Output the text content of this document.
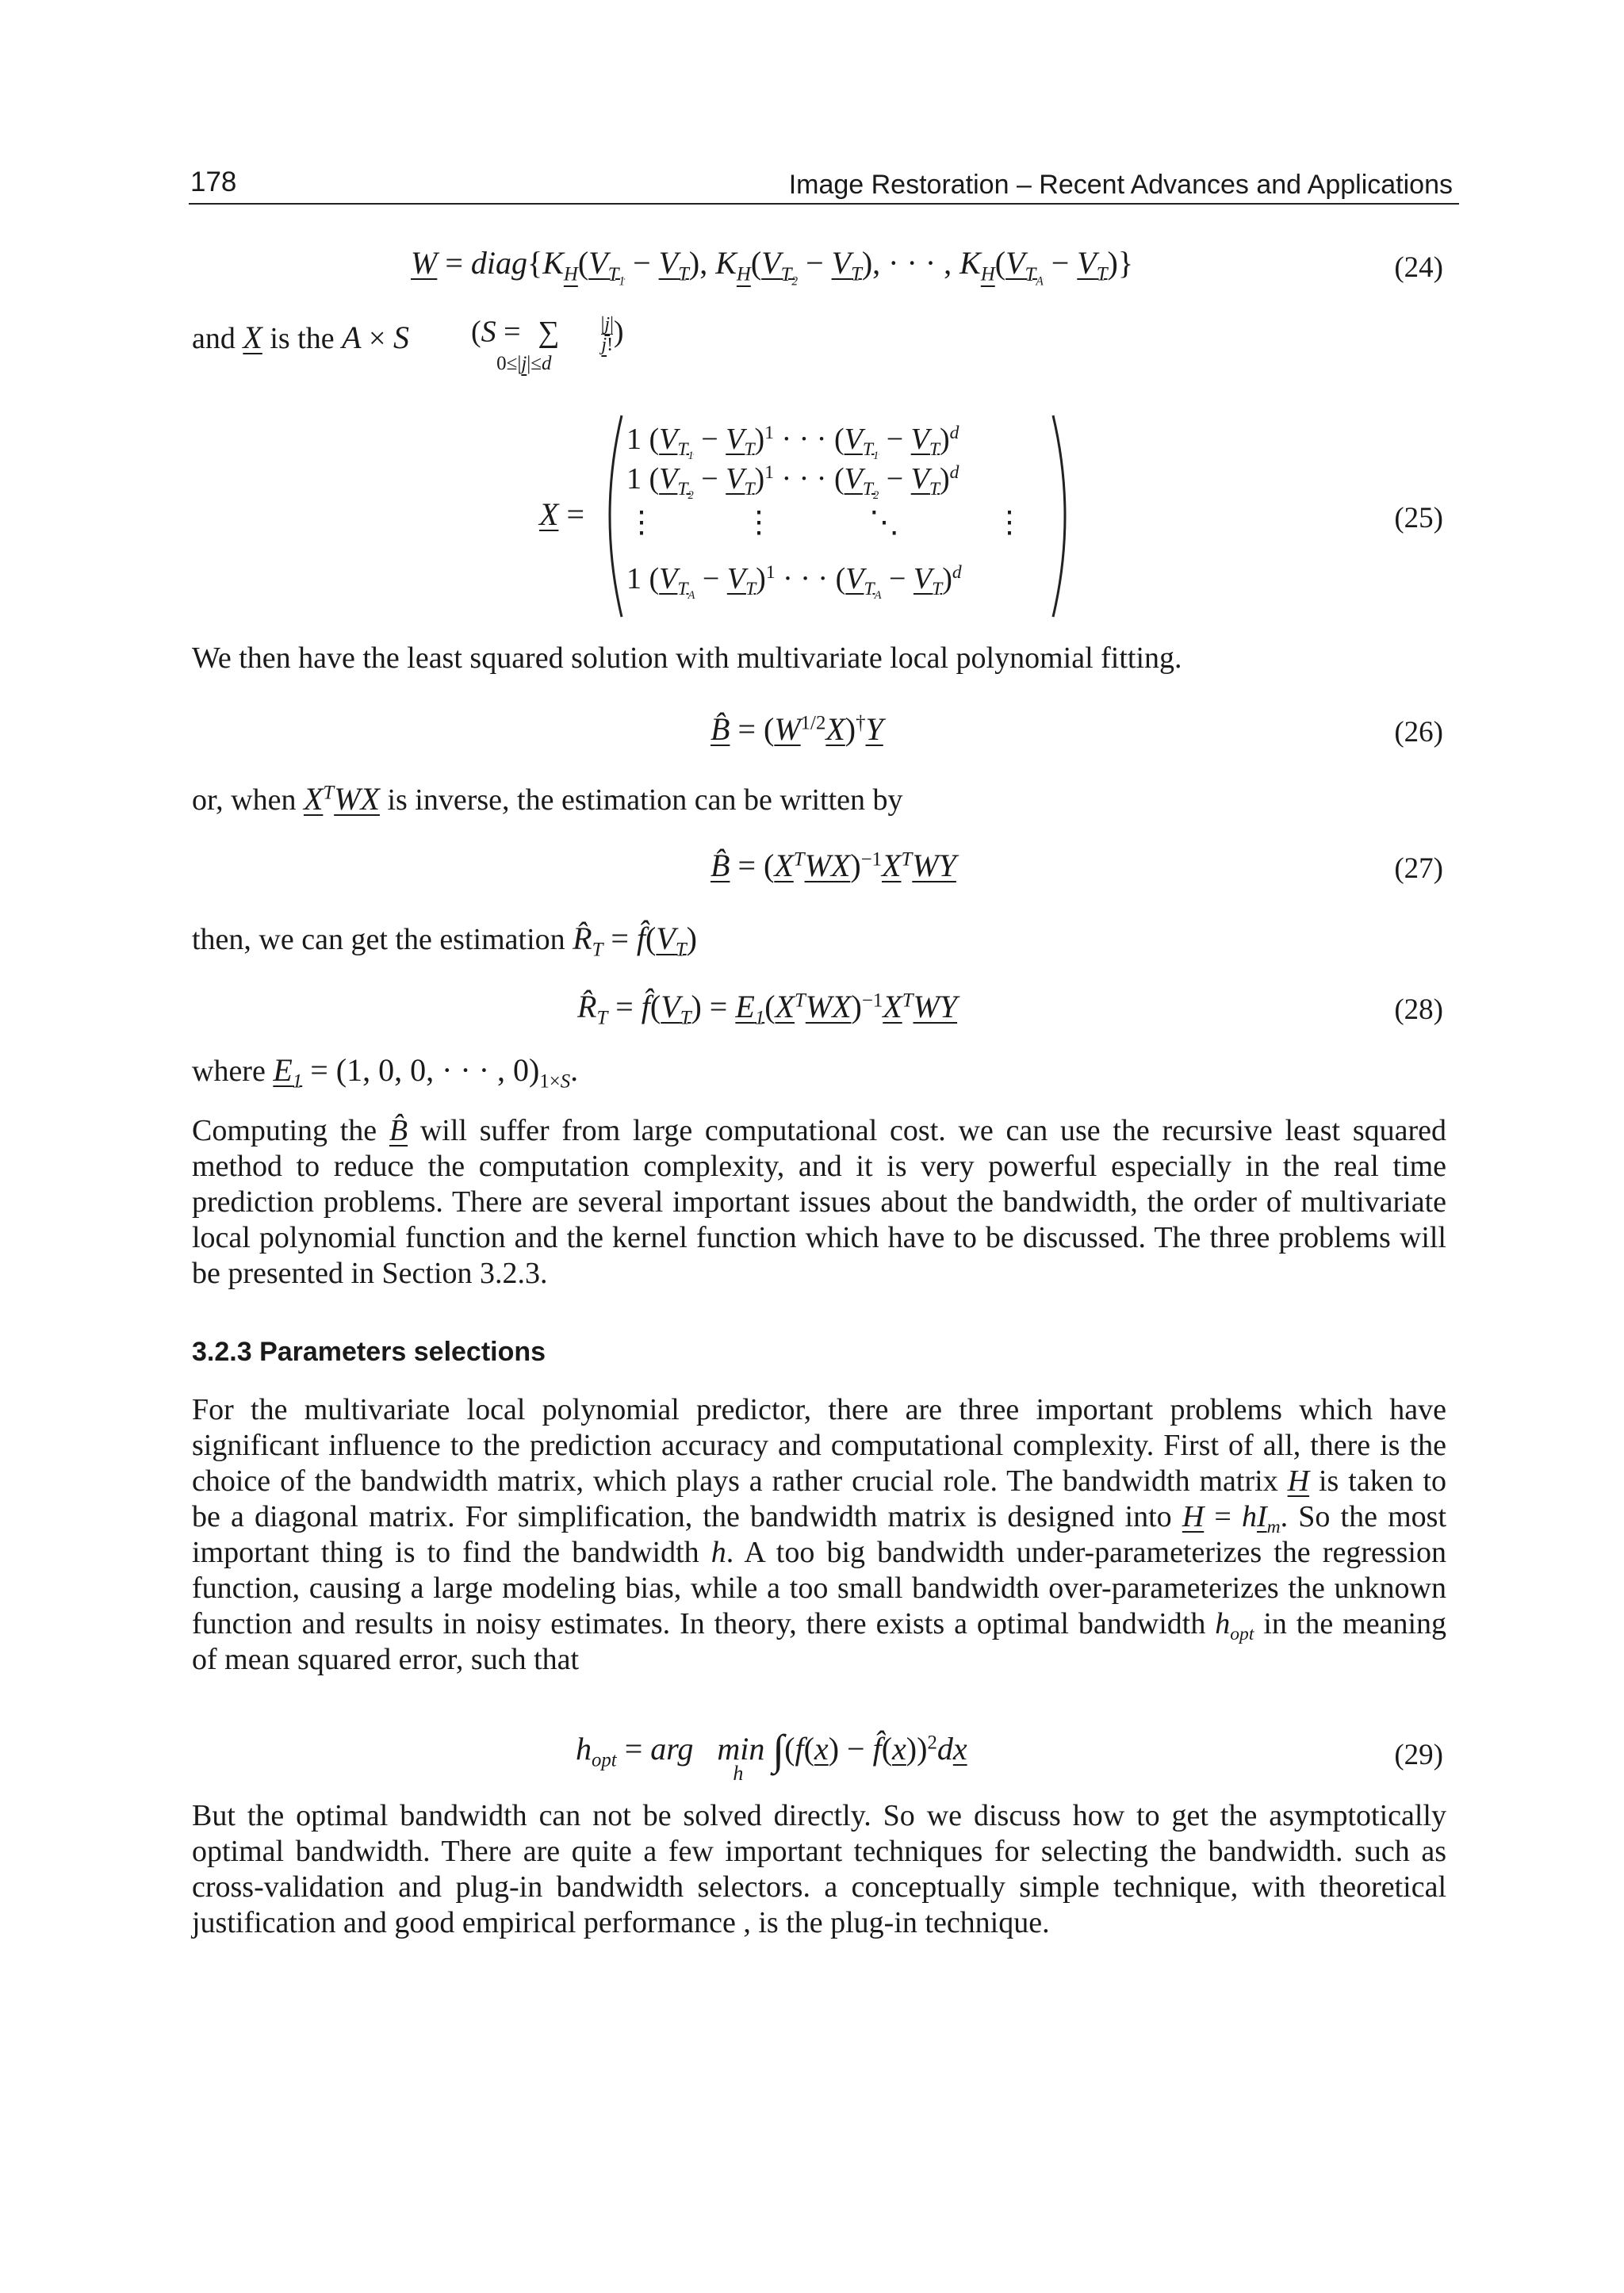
178	Image Restoration – Recent Advances and Applications
$W = diag\{K_H(V_{T_1} - V_T)$, $K_H(V_{T_2} - V_T)$, · · · , $K_H(V_{T_A} - V_T)$}	(24)
and X is the A × S (S = ∑
0≤|j|≤d
|j|
j!)
X =
1 $(V_{T_1} - V_T)^1$ · · · $(V_{T_1} - V_T)^d$
1 $(V_{T_2} - V_T)^1$ · · · $(V_{T_2} - V_T)^d$
⋮	⋮	⋱	⋮
1 $(V_{T_A} - V_T)^1$ · · · $(V_{T_A} - V_T)^d$
(25)
We then have the least squared solution with multivariate local polynomial fitting.
B̂ = $(W^{1/2}X)^\dagger Y$	(26)
or, when $X^TWX$ is inverse, the estimation can be written by
B̂ = $(X^TWX)^{-1}X^TWY$	(27)
then, we can get the estimation $R̂_T$ = $f̂(V_T)$
$R̂_T$ = $f̂(V_T) = E_1(X^TWX)^{-1}X^TWY$	(28)
where $E_1 = (1$, 0, 0, · · · , $0)_{1\times S}$.
Computing the B̂ will suffer from large computational cost. we can use the recursive least squared method to reduce the computation complexity, and it is very powerful especially in the real time prediction problems. There are several important issues about the bandwidth, the order of multivariate local polynomial function and the kernel function which have to be discussed. The three problems will be presented in Section 3.2.3.
3.2.3 Parameters selections
For the multivariate local polynomial predictor, there are three important problems which have significant influence to the prediction accuracy and computational complexity. First of all, there is the choice of the bandwidth matrix, which plays a rather crucial role. The bandwidth matrix H is taken to be a diagonal matrix. For simplification, the bandwidth matrix is designed into $H = hI_m$. So the most important thing is to find the bandwidth h. A too big bandwidth under-parameterizes the regression function, causing a large modeling bias, while a too small bandwidth over-parameterizes the unknown function and results in noisy estimates. In theory, there exists a optimal bandwidth $h_{opt}$ in the meaning of mean squared error, such that
$h_{opt}$ = arg min
h ∫(f(x) − f̂(x))$^2$dx	(29)
But the optimal bandwidth can not be solved directly. So we discuss how to get the asymptotically optimal bandwidth. There are quite a few important techniques for selecting the bandwidth. such as cross-validation and plug-in bandwidth selectors. a conceptually simple technique, with theoretical justification and good empirical performance , is the plug-in technique.
